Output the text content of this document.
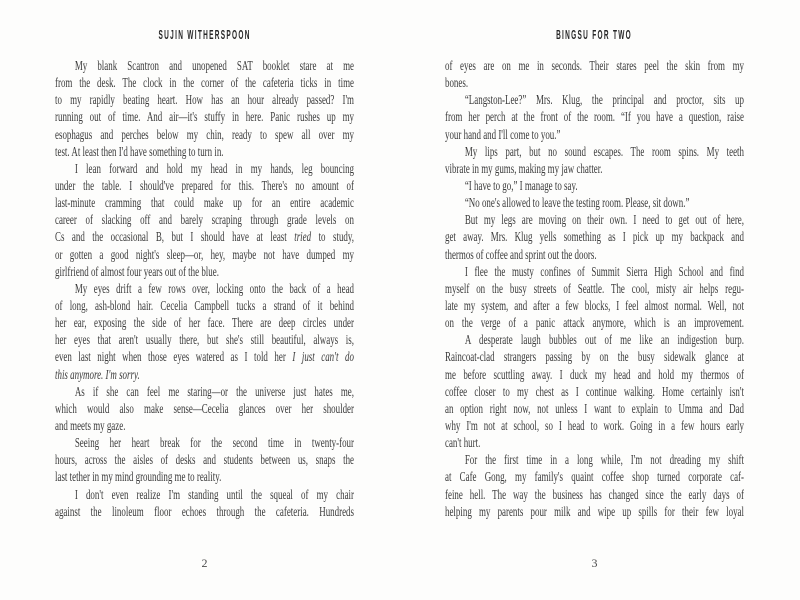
SUJIN WITHERSPOON
My blank Scantron and unopened SAT booklet stare at me
from the desk. The clock in the corner of the cafeteria ticks in time
to my rapidly beating heart. How has an hour already passed? I'm
running out of time. And air—it's stuffy in here. Panic rushes up my
esophagus and perches below my chin, ready to spew all over my
test. At least then I'd have something to turn in.
I lean forward and hold my head in my hands, leg bouncing
under the table. I should've prepared for this. There's no amount of
last-minute cramming that could make up for an entire academic
career of slacking off and barely scraping through grade levels on
Cs and the occasional B, but I should have at least tried to study,
or gotten a good night's sleep—or, hey, maybe not have dumped my
girlfriend of almost four years out of the blue.
My eyes drift a few rows over, locking onto the back of a head
of long, ash-blond hair. Cecelia Campbell tucks a strand of it behind
her ear, exposing the side of her face. There are deep circles under
her eyes that aren't usually there, but she's still beautiful, always is,
even last night when those eyes watered as I told her I just can't do
this anymore. I'm sorry.
As if she can feel me staring—or the universe just hates me,
which would also make sense—Cecelia glances over her shoulder
and meets my gaze.
Seeing her heart break for the second time in twenty-four
hours, across the aisles of desks and students between us, snaps the
last tether in my mind grounding me to reality.
I don't even realize I'm standing until the squeal of my chair
against the linoleum floor echoes through the cafeteria. Hundreds
2
BINGSU FOR TWO
of eyes are on me in seconds. Their stares peel the skin from my
bones.
“Langston-Lee?” Mrs. Klug, the principal and proctor, sits up
from her perch at the front of the room. “If you have a question, raise
your hand and I'll come to you.”
My lips part, but no sound escapes. The room spins. My teeth
vibrate in my gums, making my jaw chatter.
“I have to go,” I manage to say.
“No one's allowed to leave the testing room. Please, sit down.”
But my legs are moving on their own. I need to get out of here,
get away. Mrs. Klug yells something as I pick up my backpack and
thermos of coffee and sprint out the doors.
I flee the musty confines of Summit Sierra High School and find
myself on the busy streets of Seattle. The cool, misty air helps regu-
late my system, and after a few blocks, I feel almost normal. Well, not
on the verge of a panic attack anymore, which is an improvement.
A desperate laugh bubbles out of me like an indigestion burp.
Raincoat-clad strangers passing by on the busy sidewalk glance at
me before scuttling away. I duck my head and hold my thermos of
coffee closer to my chest as I continue walking. Home certainly isn't
an option right now, not unless I want to explain to Umma and Dad
why I'm not at school, so I head to work. Going in a few hours early
can't hurt.
For the first time in a long while, I'm not dreading my shift
at Cafe Gong, my family's quaint coffee shop turned corporate caf-
feine hell. The way the business has changed since the early days of
helping my parents pour milk and wipe up spills for their few loyal
3
